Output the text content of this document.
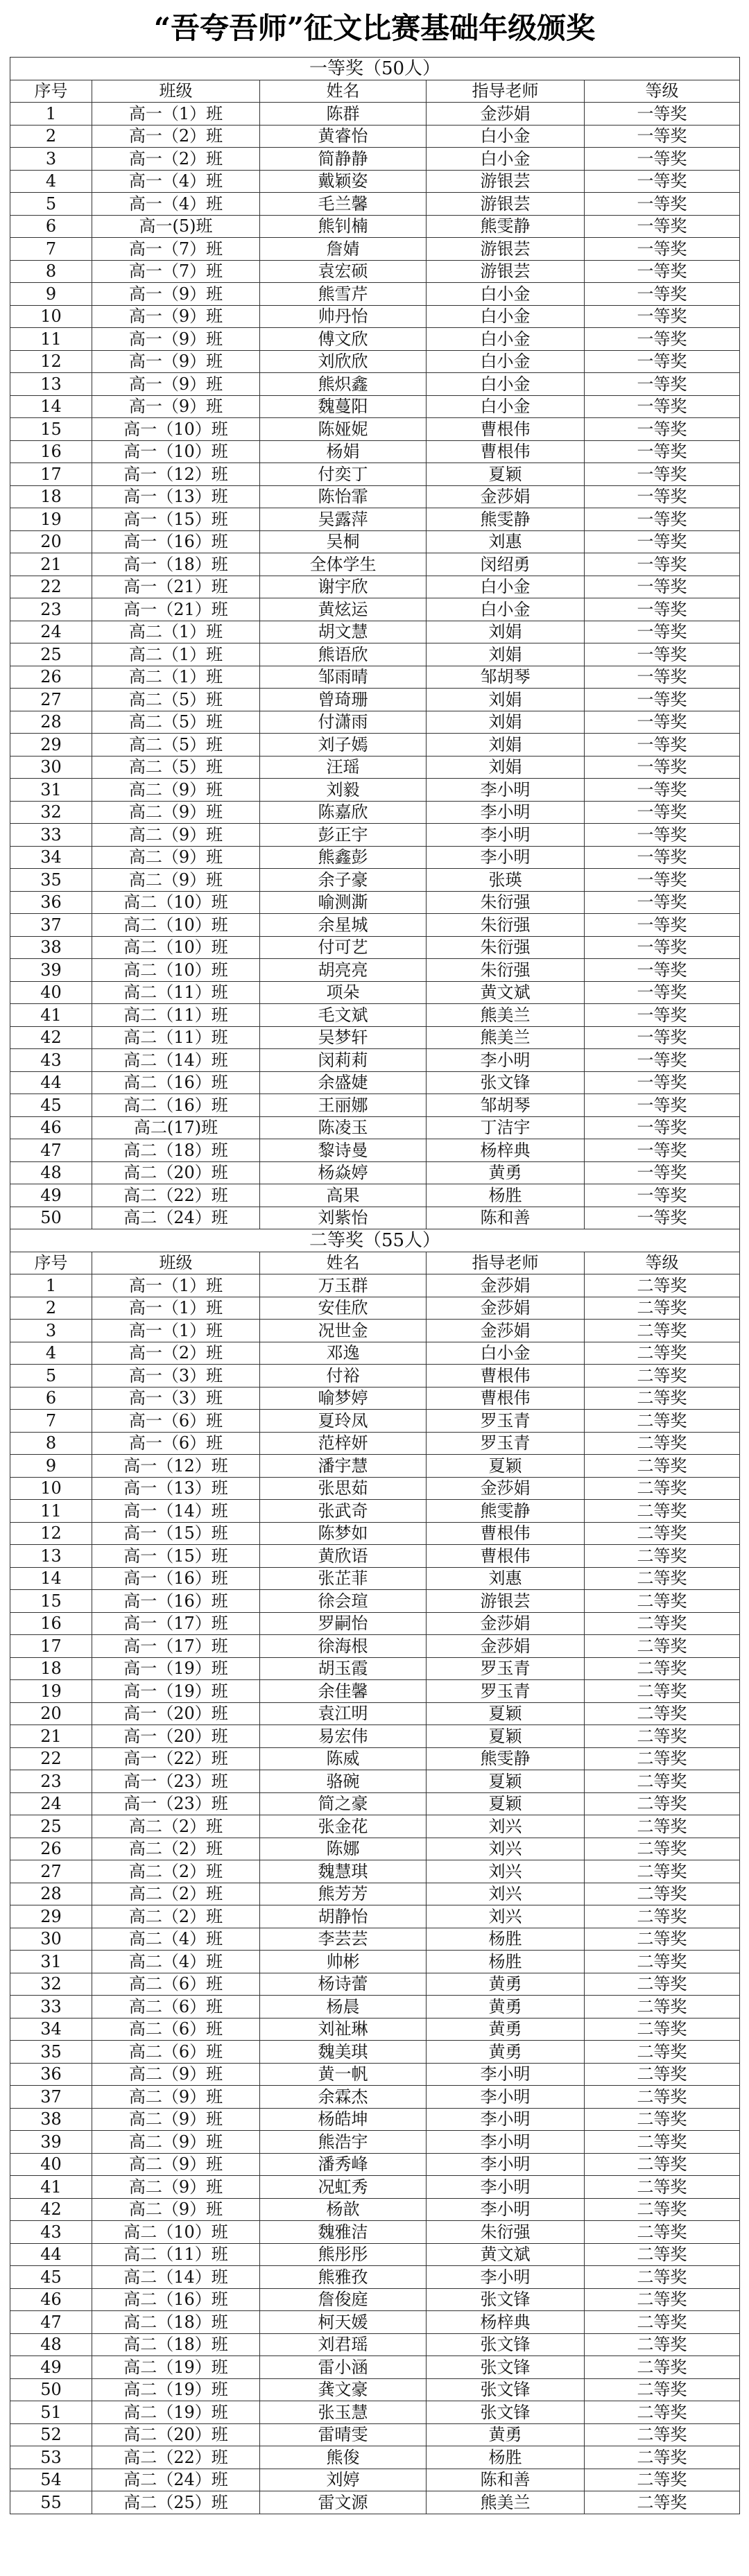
“吾夸吾师”征文比赛基础年级颁奖
一等奖（50人）				
序号	班级	姓名	指导老师	等级
1	高一（1）班	陈群	金莎娟	一等奖
2	高一（2）班	黄睿怡	白小金	一等奖
3	高一（2）班	简静静	白小金	一等奖
4	高一（4）班	戴颖姿	游银芸	一等奖
5	高一（4）班	毛兰馨	游银芸	一等奖
6	高一(5)班	熊钊楠	熊雯静	一等奖
7	高一（7）班	詹婧	游银芸	一等奖
8	高一（7）班	袁宏硕	游银芸	一等奖
9	高一（9）班	熊雪芹	白小金	一等奖
10	高一（9）班	帅丹怡	白小金	一等奖
11	高一（9）班	傅文欣	白小金	一等奖
12	高一（9）班	刘欣欣	白小金	一等奖
13	高一（9）班	熊炽鑫	白小金	一等奖
14	高一（9）班	魏蔓阳	白小金	一等奖
15	高一（10）班	陈娅妮	曹根伟	一等奖
16	高一（10）班	杨娟	曹根伟	一等奖
17	高一（12）班	付奕丁	夏颖	一等奖
18	高一（13）班	陈怡霏	金莎娟	一等奖
19	高一（15）班	吴露萍	熊雯静	一等奖
20	高一（16）班	吴桐	刘惠	一等奖
21	高一（18）班	全体学生	闵绍勇	一等奖
22	高一（21）班	谢宇欣	白小金	一等奖
23	高一（21）班	黄炫运	白小金	一等奖
24	高二（1）班	胡文慧	刘娟	一等奖
25	高二（1）班	熊语欣	刘娟	一等奖
26	高二（1）班	邹雨晴	邹胡琴	一等奖
27	高二（5）班	曾琦珊	刘娟	一等奖
28	高二（5）班	付潇雨	刘娟	一等奖
29	高二（5）班	刘子嫣	刘娟	一等奖
30	高二（5）班	汪瑶	刘娟	一等奖
31	高二（9）班	刘毅	李小明	一等奖
32	高二（9）班	陈嘉欣	李小明	一等奖
33	高二（9）班	彭正宇	李小明	一等奖
34	高二（9）班	熊鑫彭	李小明	一等奖
35	高二（9）班	余子豪	张瑛	一等奖
36	高二（10）班	喻测澌	朱衍强	一等奖
37	高二（10）班	余星城	朱衍强	一等奖
38	高二（10）班	付可艺	朱衍强	一等奖
39	高二（10）班	胡亮亮	朱衍强	一等奖
40	高二（11）班	项朵	黄文斌	一等奖
41	高二（11）班	毛文斌	熊美兰	一等奖
42	高二（11）班	吴梦轩	熊美兰	一等奖
43	高二（14）班	闵莉莉	李小明	一等奖
44	高二（16）班	余盛婕	张文锋	一等奖
45	高二（16）班	王丽娜	邹胡琴	一等奖
46	高二(17)班	陈凌玉	丁洁宇	一等奖
47	高二（18）班	黎诗曼	杨梓典	一等奖
48	高二（20）班	杨焱婷	黄勇	一等奖
49	高二（22）班	高果	杨胜	一等奖
50	高二（24）班	刘紫怡	陈和善	一等奖
二等奖（55人）				
序号	班级	姓名	指导老师	等级
1	高一（1）班	万玉群	金莎娟	二等奖
2	高一（1）班	安佳欣	金莎娟	二等奖
3	高一（1）班	况世金	金莎娟	二等奖
4	高一（2）班	邓逸	白小金	二等奖
5	高一（3）班	付裕	曹根伟	二等奖
6	高一（3）班	喻梦婷	曹根伟	二等奖
7	高一（6）班	夏玲凤	罗玉青	二等奖
8	高一（6）班	范梓妍	罗玉青	二等奖
9	高一（12）班	潘宇慧	夏颖	二等奖
10	高一（13）班	张思茹	金莎娟	二等奖
11	高一（14）班	张武奇	熊雯静	二等奖
12	高一（15）班	陈梦如	曹根伟	二等奖
13	高一（15）班	黄欣语	曹根伟	二等奖
14	高一（16）班	张芷菲	刘惠	二等奖
15	高一（16）班	徐会瑄	游银芸	二等奖
16	高一（17）班	罗嗣怡	金莎娟	二等奖
17	高一（17）班	徐海根	金莎娟	二等奖
18	高一（19）班	胡玉霞	罗玉青	二等奖
19	高一（19）班	余佳馨	罗玉青	二等奖
20	高一（20）班	袁江明	夏颖	二等奖
21	高一（20）班	易宏伟	夏颖	二等奖
22	高一（22）班	陈威	熊雯静	二等奖
23	高一（23）班	骆碗	夏颖	二等奖
24	高一（23）班	简之豪	夏颖	二等奖
25	高二（2）班	张金花	刘兴	二等奖
26	高二（2）班	陈娜	刘兴	二等奖
27	高二（2）班	魏慧琪	刘兴	二等奖
28	高二（2）班	熊芳芳	刘兴	二等奖
29	高二（2）班	胡静怡	刘兴	二等奖
30	高二（4）班	李芸芸	杨胜	二等奖
31	高二（4）班	帅彬	杨胜	二等奖
32	高二（6）班	杨诗蕾	黄勇	二等奖
33	高二（6）班	杨晨	黄勇	二等奖
34	高二（6）班	刘祉琳	黄勇	二等奖
35	高二（6）班	魏美琪	黄勇	二等奖
36	高二（9）班	黄一帆	李小明	二等奖
37	高二（9）班	余霖杰	李小明	二等奖
38	高二（9）班	杨皓坤	李小明	二等奖
39	高二（9）班	熊浩宇	李小明	二等奖
40	高二（9）班	潘秀峰	李小明	二等奖
41	高二（9）班	况虹秀	李小明	二等奖
42	高二（9）班	杨歆	李小明	二等奖
43	高二（10）班	魏雅洁	朱衍强	二等奖
44	高二（11）班	熊彤彤	黄文斌	二等奖
45	高二（14）班	熊雅孜	李小明	二等奖
46	高二（16）班	詹俊庭	张文锋	二等奖
47	高二（18）班	柯天媛	杨梓典	二等奖
48	高二（18）班	刘君瑶	张文锋	二等奖
49	高二（19）班	雷小涵	张文锋	二等奖
50	高二（19）班	龚文豪	张文锋	二等奖
51	高二（19）班	张玉慧	张文锋	二等奖
52	高二（20）班	雷晴雯	黄勇	二等奖
53	高二（22）班	熊俊	杨胜	二等奖
54	高二（24）班	刘婷	陈和善	二等奖
55	高二（25）班	雷文源	熊美兰	二等奖
